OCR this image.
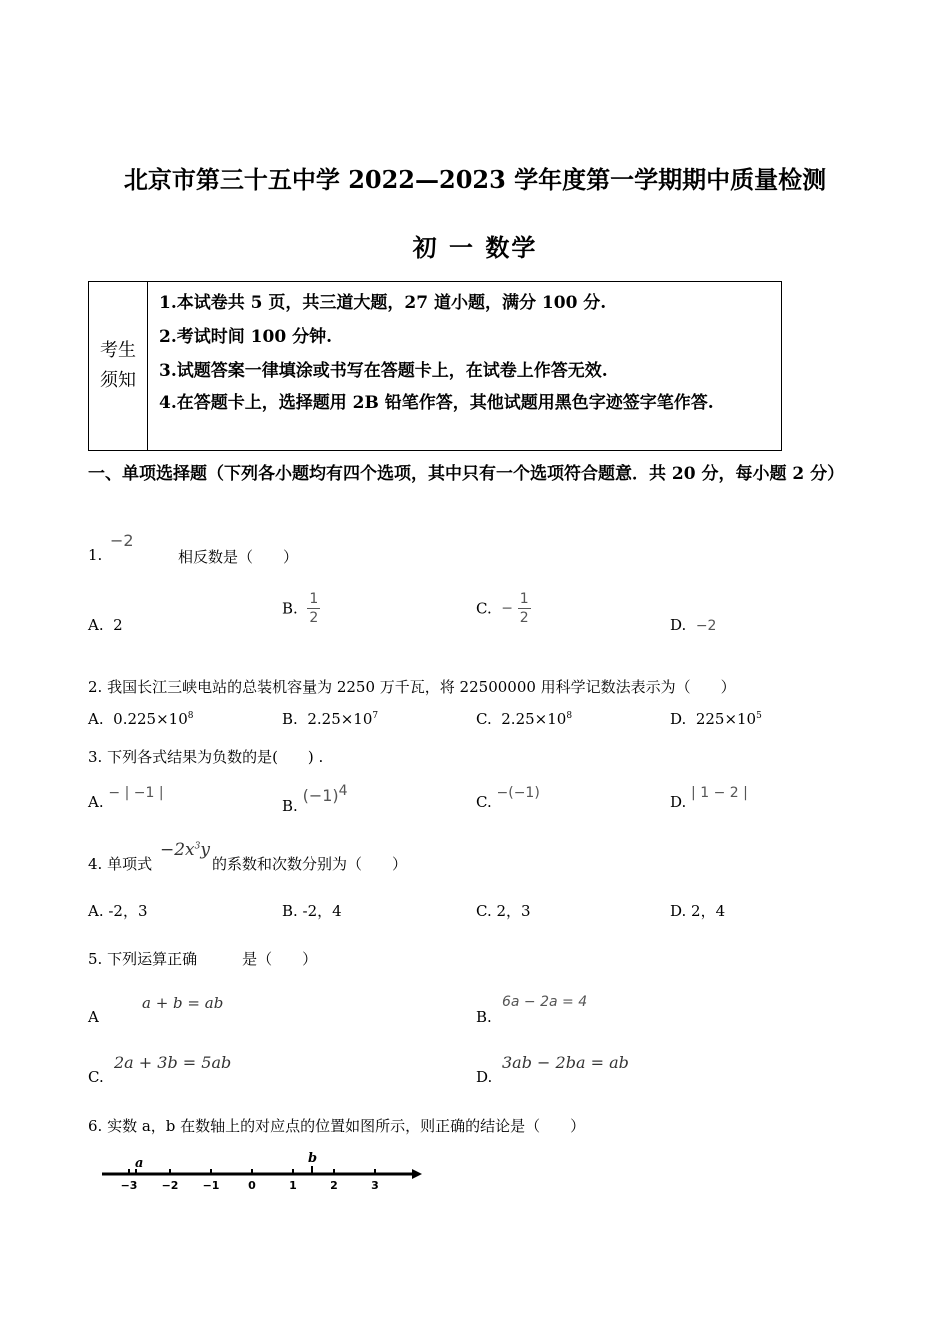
北京市第三十五中学 2022—2023 学年度第一学期期中质量检测
初 一 数学
考生
须知
1.本试卷共 5 页，共三道大题，27 道小题，满分 100 分.
2.考试时间 100 分钟.
3.试题答案一律填涂或书写在答题卡上，在试卷上作答无效.
4.在答题卡上，选择题用 2B 铅笔作答，其他试题用黑色字迹签字笔作答.
一、单项选择题（下列各小题均有四个选项，其中只有一个选项符合题意．共 20 分，每小题 2 分）
1.
−2
相反数是（　　）
A. 2
B. $\frac{1}{2}$	C. − $\frac{1}{2}$	D. −2
2. 我国长江三峡电站的总装机容量为 2250 万千瓦，将 22500000 用科学记数法表示为（　　）
A. $0.225\times 10^8$	B. $2.25\times 10^7$	C. $2.25\times 10^8$	D. $225\times 10^5$
3. 下列各式结果为负数的是(　　) .
A. − | −1 |
B. $(-1)^4$
C. −(−1)	D. | 1 − 2 |
4. 单项式
$-2x^3y$
的系数和次数分别为（　　）
A. -2，3	B. -2，4	C. 2，3	D. 2，4
5. 下列运算正确　　　是（　　）
A
a + b = ab
B.
6a − 2a = 4
C.
2a + 3b = 5ab
D.
3ab − 2ba = ab
6. 实数 a，b 在数轴上的对应点的位置如图所示，则正确的结论是（　　）
−3 −2 −1	0	1	2	3
a	b
